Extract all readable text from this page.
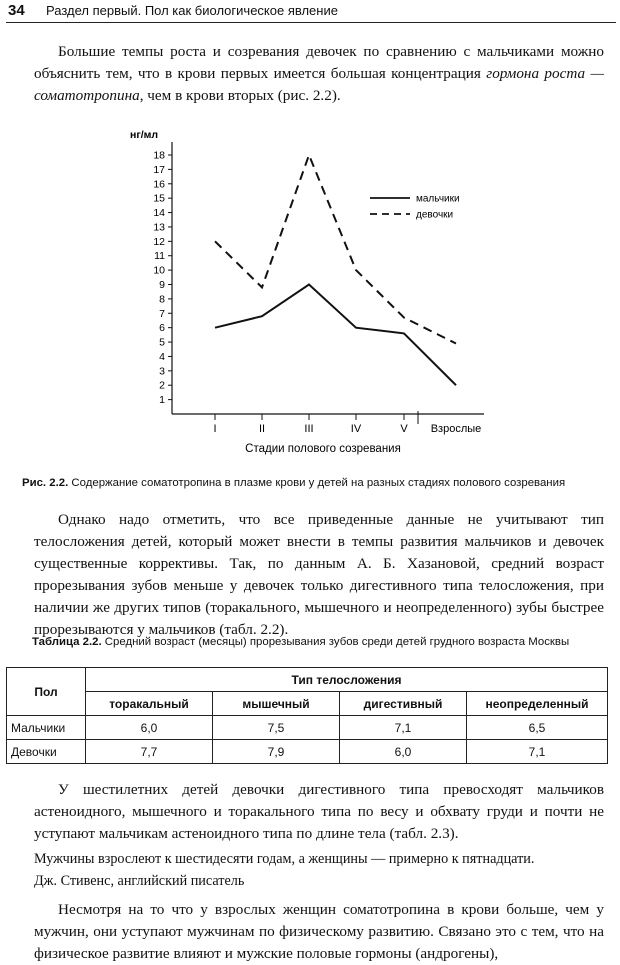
34 Раздел первый. Пол как биологическое явление

Большие темпы роста и созревания девочек по сравнению с мальчиками можно объяснить тем, что в крови первых имеется большая концентрация гормона роста — соматотропина, чем в крови вторых (рис. 2.2).

1
2
3
4
5
6
7
8
9
10
11
12
13
14
15
16
17
18
I	II	III	IV	V Взрослые
мальчики
девочки
нг/мл
Стадии полового созревания
Рис. 2.2. Содержание соматотропина в плазме крови у детей на разных стадиях полового созревания

Однако надо отметить, что все приведенные данные не учитывают тип телосложения детей, который может внести в темпы развития мальчиков и девочек существенные коррективы. Так, по данным А. Б. Хазановой, средний возраст прорезывания зубов меньше у девочек только дигестивного типа телосложения, при наличии же других типов (торакального, мышечного и неопределенного) зубы быстрее прорезываются у мальчиков (табл. 2.2).

Таблица 2.2. Средний возраст (месяцы) прорезывания зубов среди детей грудного возраста Москвы
Пол	Тип телосложения			
	торакальный	мышечный	дигестивный	неопределенный
Мальчики	6,0	7,5	7,1	6,5
Девочки	7,7	7,9	6,0	7,1

У шестилетних детей девочки дигестивного типа превосходят мальчиков астеноидного, мышечного и торакального типа по весу и обхвату груди и почти не уступают мальчикам астеноидного типа по длине тела (табл. 2.3).

Мужчины взрослеют к шестидесяти годам, а женщины — примерно к пятнадцати.

Дж. Стивенс, английский писатель

Несмотря на то что у взрослых женщин соматотропина в крови больше, чем у мужчин, они уступают мужчинам по физическому развитию. Связано это с тем, что на физическое развитие влияют и мужские половые гормоны (андрогены),
